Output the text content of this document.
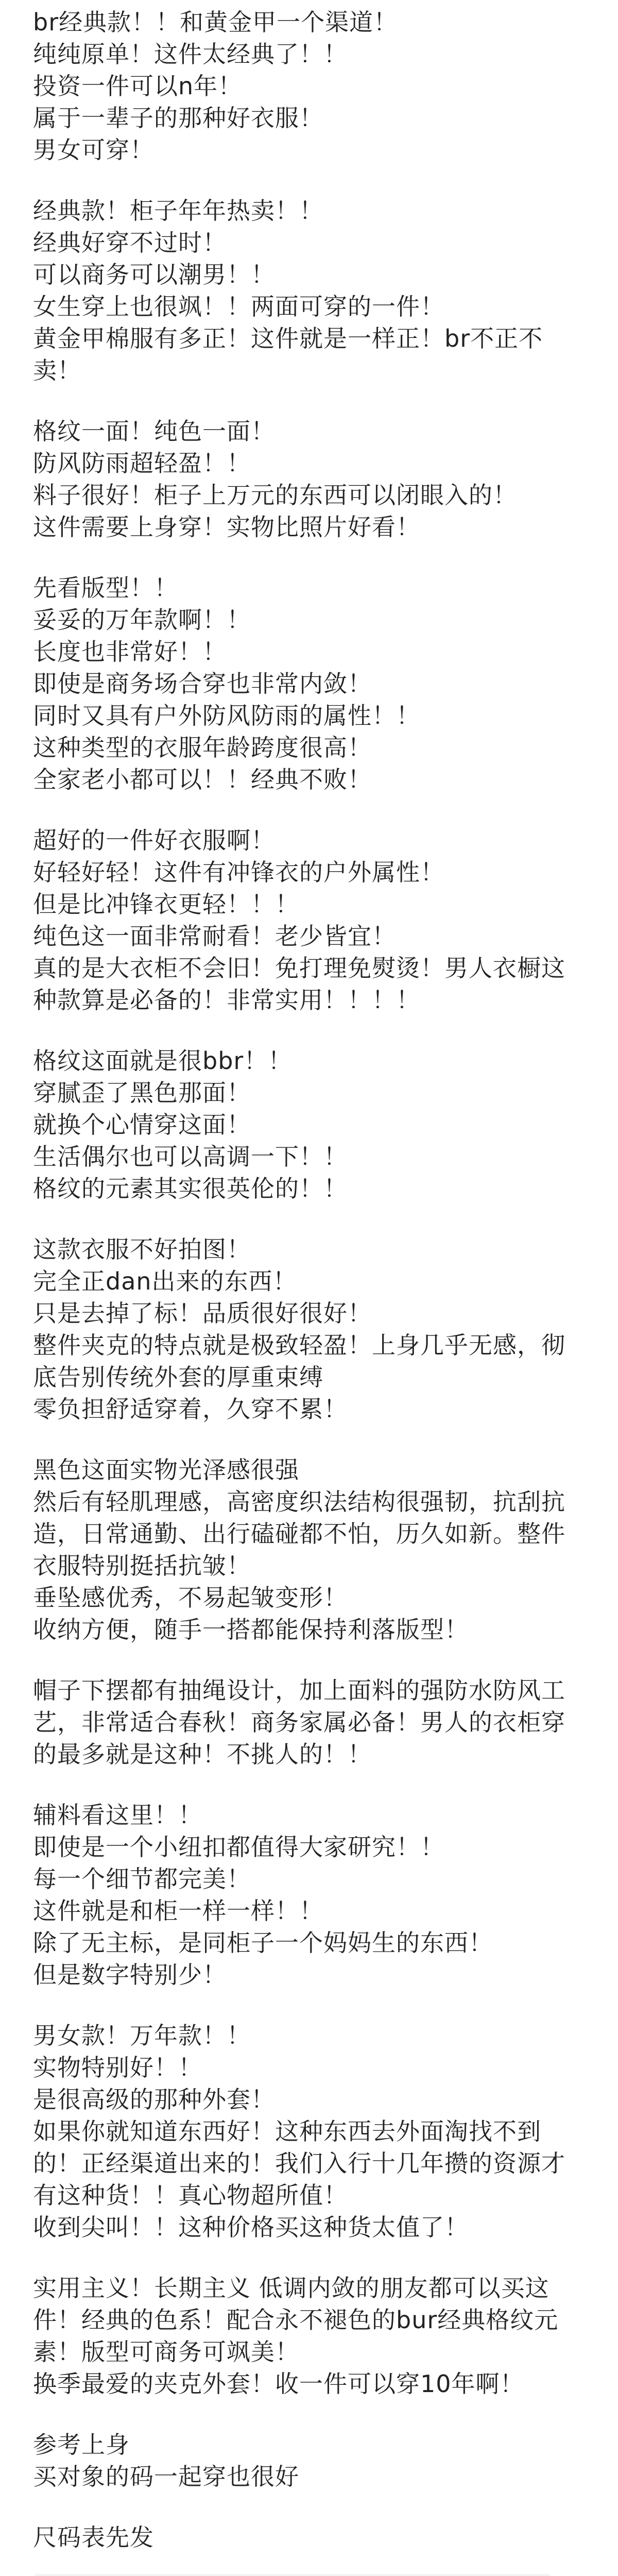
br经典款！！和黄金甲一个渠道！
纯纯原单！这件太经典了！！
投资一件可以n年！
属于一辈子的那种好衣服！
男女可穿！
经典款！柜子年年热卖！！
经典好穿不过时！
可以商务可以潮男！！
女生穿上也很飒！！两面可穿的一件！
黄金甲棉服有多正！这件就是一样正！br不正不卖！
格纹一面！纯色一面！
防风防雨超轻盈！！
料子很好！柜子上万元的东西可以闭眼入的！
这件需要上身穿！实物比照片好看！
先看版型！！
妥妥的万年款啊！！
长度也非常好！！
即使是商务场合穿也非常内敛！
同时又具有户外防风防雨的属性！！
这种类型的衣服年龄跨度很高！
全家老小都可以！！经典不败！
超好的一件好衣服啊！
好轻好轻！这件有冲锋衣的户外属性！
但是比冲锋衣更轻！！！
纯色这一面非常耐看！老少皆宜！
真的是大衣柜不会旧！免打理免熨烫！男人衣橱这种款算是必备的！非常实用！！！！
格纹这面就是很bbr！！
穿腻歪了黑色那面！
就换个心情穿这面！
生活偶尔也可以高调一下！！
格纹的元素其实很英伦的！！
这款衣服不好拍图！
完全正dan出来的东西！
只是去掉了标！品质很好很好！
整件夹克的特点就是极致轻盈！上身几乎无感，彻底告别传统外套的厚重束缚
零负担舒适穿着，久穿不累！
黑色这面实物光泽感很强
然后有轻肌理感，高密度织法结构很强韧，抗刮抗造，日常通勤、出行磕碰都不怕，历久如新。整件衣服特别挺括抗皱！
垂坠感优秀，不易起皱变形！
收纳方便，随手一搭都能保持利落版型！
帽子下摆都有抽绳设计，加上面料的强防水防风工艺，非常适合春秋！商务家属必备！男人的衣柜穿的最多就是这种！不挑人的！！
辅料看这里！！
即使是一个小纽扣都值得大家研究！！
每一个细节都完美！
这件就是和柜一样一样！！
除了无主标，是同柜子一个妈妈生的东西！
但是数字特别少！
男女款！万年款！！
实物特别好！！
是很高级的那种外套！
如果你就知道东西好！这种东西去外面淘找不到的！正经渠道出来的！我们入行十几年攒的资源才有这种货！！真心物超所值！
收到尖叫！！这种价格买这种货太值了！
实用主义！长期主义 低调内敛的朋友都可以买这件！经典的色系！配合永不褪色的bur经典格纹元素！版型可商务可飒美！
换季最爱的夹克外套！收一件可以穿10年啊！
参考上身
买对象的码一起穿也很好
尺码表先发
